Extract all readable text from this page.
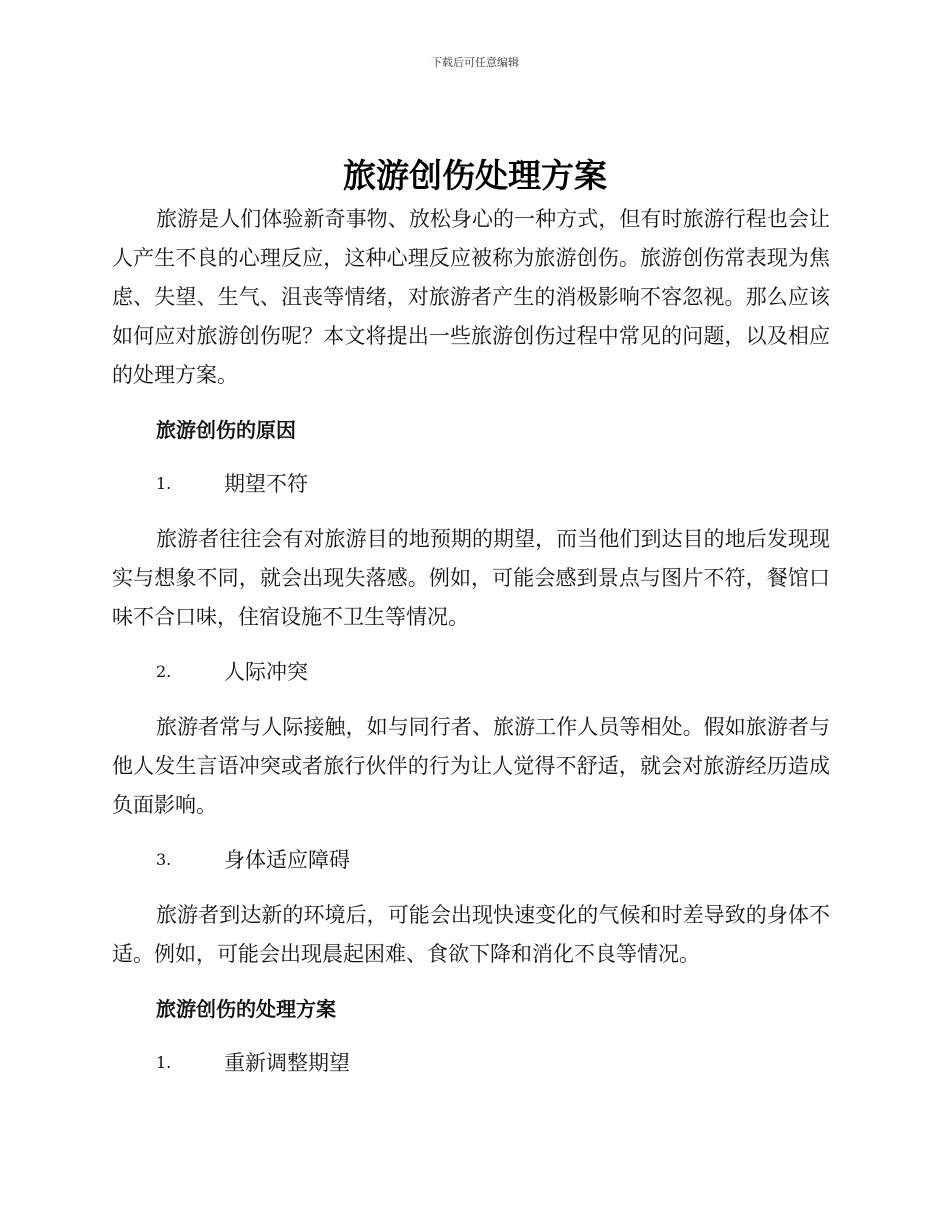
下载后可任意编辑
旅游创伤处理方案

旅游是人们体验新奇事物、放松身心的一种方式，但有时旅游行程也会让人产生不良的心理反应，这种心理反应被称为旅游创伤。旅游创伤常表现为焦虑、失望、生气、沮丧等情绪，对旅游者产生的消极影响不容忽视。那么应该如何应对旅游创伤呢？本文将提出一些旅游创伤过程中常见的问题，以及相应的处理方案。

旅游创伤的原因
1.	期望不符

旅游者往往会有对旅游目的地预期的期望，而当他们到达目的地后发现现实与想象不同，就会出现失落感。例如，可能会感到景点与图片不符，餐馆口味不合口味，住宿设施不卫生等情况。

2.	人际冲突

旅游者常与人际接触，如与同行者、旅游工作人员等相处。假如旅游者与他人发生言语冲突或者旅行伙伴的行为让人觉得不舒适，就会对旅游经历造成负面影响。

3.	身体适应障碍

旅游者到达新的环境后，可能会出现快速变化的气候和时差导致的身体不适。例如，可能会出现晨起困难、食欲下降和消化不良等情况。

旅游创伤的处理方案
1.	重新调整期望
